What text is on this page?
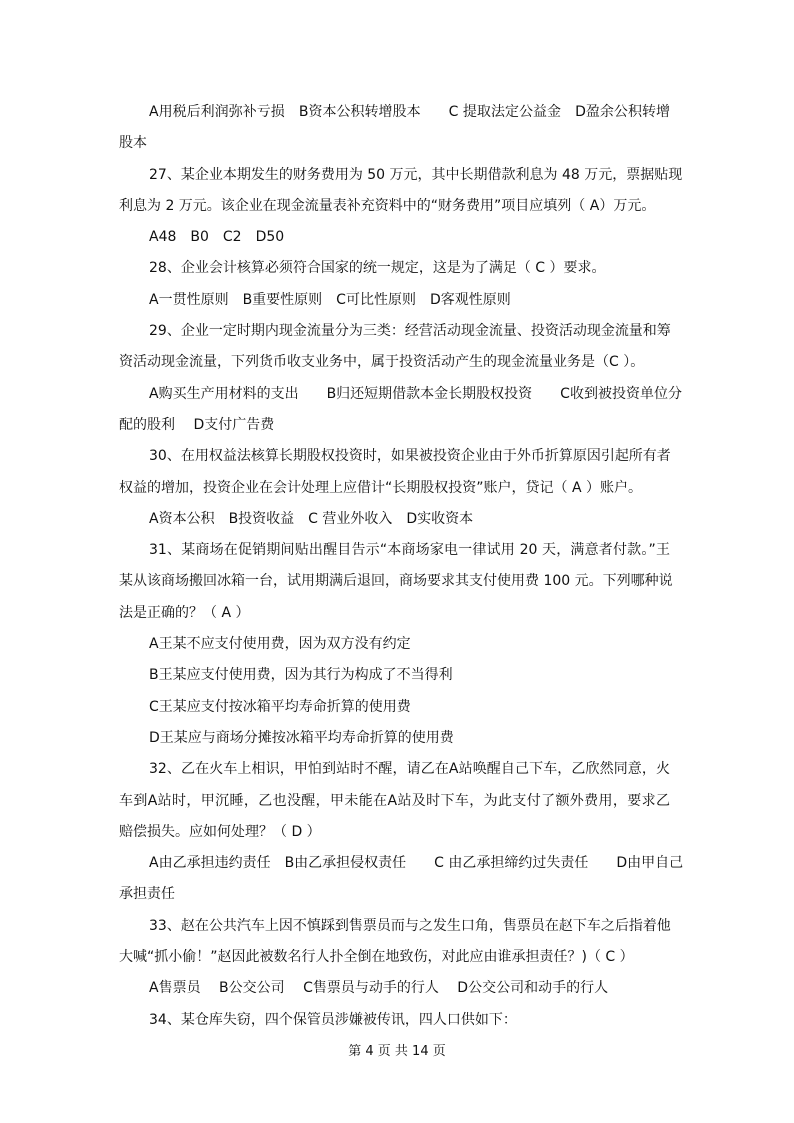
A用税后利润弥补亏损　B资本公积转增股本　　C 提取法定公益金　D盈余公积转增
股本
27、某企业本期发生的财务费用为 50 万元，其中长期借款利息为 48 万元，票据贴现
利息为 2 万元。该企业在现金流量表补充资料中的“财务费用”项目应填列（ A）万元。
A48　B0　C2　D50
28、企业会计核算必须符合国家的统一规定，这是为了满足（ C ）要求。
A一贯性原则　B重要性原则　C可比性原则　D客观性原则
29、企业一定时期内现金流量分为三类：经营活动现金流量、投资活动现金流量和筹
资活动现金流量，下列货币收支业务中，属于投资活动产生的现金流量业务是（C ）。
A购买生产用材料的支出　　B归还短期借款本金长期股权投资　　C收到被投资单位分
配的股利　 D支付广告费
30、在用权益法核算长期股权投资时，如果被投资企业由于外币折算原因引起所有者
权益的增加，投资企业在会计处理上应借计“长期股权投资”账户，贷记（ A ）账户。
A资本公积　B投资收益　C 营业外收入　D实收资本
31、某商场在促销期间贴出醒目告示“本商场家电一律试用 20 天，满意者付款。”王
某从该商场搬回冰箱一台，试用期满后退回，商场要求其支付使用费 100 元。下列哪种说
法是正确的？（ A ）
A王某不应支付使用费，因为双方没有约定
B王某应支付使用费，因为其行为构成了不当得利
C王某应支付按冰箱平均寿命折算的使用费
D王某应与商场分摊按冰箱平均寿命折算的使用费
32、乙在火车上相识，甲怕到站时不醒，请乙在A站唤醒自己下车，乙欣然同意，火
车到A站时，甲沉睡，乙也没醒，甲未能在A站及时下车，为此支付了额外费用，要求乙
赔偿损失。应如何处理？（ D ）
A由乙承担违约责任　B由乙承担侵权责任　　C 由乙承担缔约过失责任　　D由甲自己
承担责任
33、赵在公共汽车上因不慎踩到售票员而与之发生口角，售票员在赵下车之后指着他
大喊“抓小偷！”赵因此被数名行人扑全倒在地致伤，对此应由谁承担责任？)（ C ）
A售票员　 B公交公司　 C售票员与动手的行人　 D公交公司和动手的行人
34、某仓库失窃，四个保管员涉嫌被传讯，四人口供如下：
第 4 页 共 14 页
